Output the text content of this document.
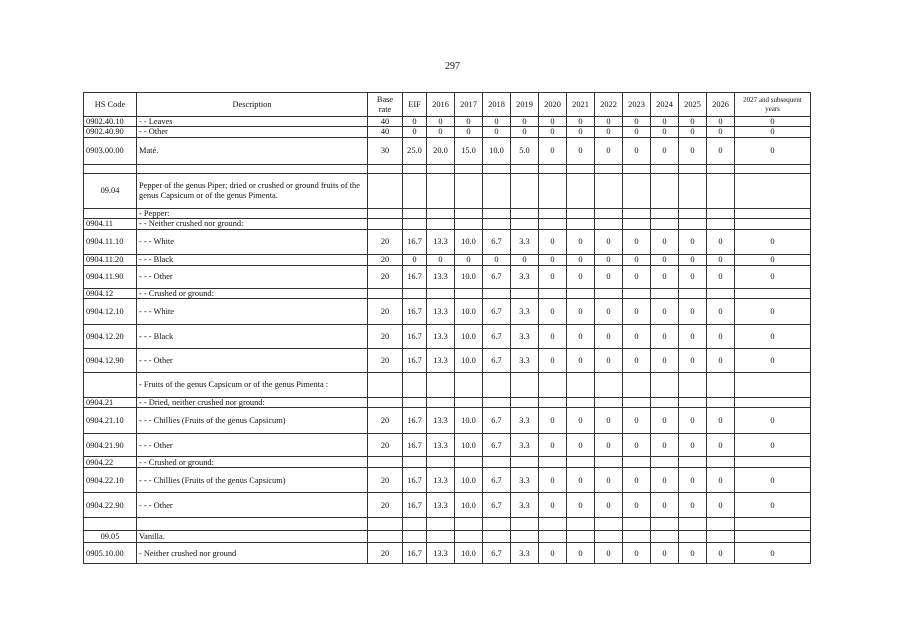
297
HS Code	Description	Base rate	EIF	2016	2017	2018	2019	2020	2021	2022	2023	2024	2025	2026	2027 and subsequent years
0902.40.10	- - Leaves	40	0	0	0	0	0	0	0	0	0	0	0	0	0
0902.40.90	- - Other	40	0	0	0	0	0	0	0	0	0	0	0	0	0
0903.00.00	Maté.	30	25.0	20.0	15.0	10.0	5.0	0	0	0	0	0	0	0	0

09.04	Pepper of the genus Piper; dried or crushed or ground fruits of the genus Capsicum or of the genus Pimenta.														
	- Pepper:														
0904.11	- - Neither crushed nor ground:														
0904.11.10	- - - White	20	16.7	13.3	10.0	6.7	3.3	0	0	0	0	0	0	0	0
0904.11.20	- - - Black	20	0	0	0	0	0	0	0	0	0	0	0	0	0
0904.11.90	- - - Other	20	16.7	13.3	10.0	6.7	3.3	0	0	0	0	0	0	0	0
0904.12	- - Crushed or ground:														
0904.12.10	- - - White	20	16.7	13.3	10.0	6.7	3.3	0	0	0	0	0	0	0	0
0904.12.20	- - - Black	20	16.7	13.3	10.0	6.7	3.3	0	0	0	0	0	0	0	0
0904.12.90	- - - Other	20	16.7	13.3	10.0	6.7	3.3	0	0	0	0	0	0	0	0
	- Fruits of the genus Capsicum or of the genus Pimenta :														
0904.21	- - Dried, neither crushed nor ground:														
0904.21.10	- - - Chillies (Fruits of the genus Capsicum)	20	16.7	13.3	10.0	6.7	3.3	0	0	0	0	0	0	0	0
0904.21.90	- - - Other	20	16.7	13.3	10.0	6.7	3.3	0	0	0	0	0	0	0	0
0904.22	- - Crushed or ground:														
0904.22.10	- - - Chillies (Fruits of the genus Capsicum)	20	16.7	13.3	10.0	6.7	3.3	0	0	0	0	0	0	0	0
0904.22.90	- - - Other	20	16.7	13.3	10.0	6.7	3.3	0	0	0	0	0	0	0	0

09.05	Vanilla.														
0905.10.00	- Neither crushed nor ground	20	16.7	13.3	10.0	6.7	3.3	0	0	0	0	0	0	0	0
